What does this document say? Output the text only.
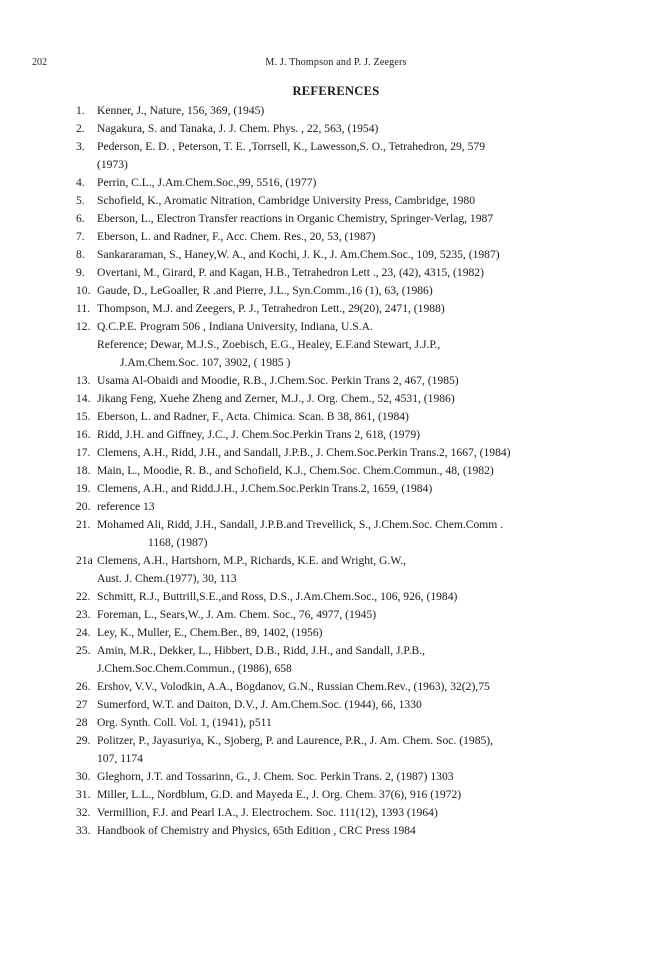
202	M. J. Thompson and P. J. Zeegers
REFERENCES
1. Kenner, J., Nature, 156, 369, (1945)
2. Nagakura, S. and Tanaka, J. J. Chem. Phys. , 22, 563, (1954)
3. Pederson, E. D. , Peterson, T. E. ,Torrsell, K., Lawesson,S. O., Tetrahedron, 29, 579
(1973)
4. Perrin, C.L., J.Am.Chem.Soc.,99, 5516, (1977)
5. Schofield, K., Aromatic Nitration, Cambridge University Press, Cambridge, 1980
6. Eberson, L., Electron Transfer reactions in Organic Chemistry, Springer-Verlag, 1987
7. Eberson, L. and Radner, F., Acc. Chem. Res., 20, 53, (1987)
8. Sankararaman, S., Haney,W. A., and Kochi, J. K., J. Am.Chem.Soc., 109, 5235, (1987)
9. Overtani, M., Girard, P. and Kagan, H.B., Tetrahedron Lett ., 23, (42), 4315, (1982)
10. Gaude, D., LeGoaller, R .and Pierre, J.L., Syn.Comm.,16 (1), 63, (1986)
11. Thompson, M.J. and Zeegers, P. J., Tetrahedron Lett., 29(20), 2471, (1988)
12. Q.C.P.E. Program 506 , Indiana University, Indiana, U.S.A.
Reference; Dewar, M.J.S., Zoebisch, E.G., Healey, E.F.and Stewart, J.J.P.,
J.Am.Chem.Soc. 107, 3902, ( 1985 )
13. Usama Al-Obaidi and Moodie, R.B., J.Chem.Soc. Perkin Trans 2, 467, (1985)
14. Jikang Feng, Xuehe Zheng and Zerner, M.J., J. Org. Chem., 52, 4531, (1986)
15. Eberson, L. and Radner, F., Acta. Chimica. Scan. B 38, 861, (1984)
16. Ridd, J.H. and Giffney, J.C., J. Chem.Soc.Perkin Trans 2, 618, (1979)
17. Clemens, A.H., Ridd, J.H., and Sandall, J.P.B., J. Chem.Soc.Perkin Trans.2, 1667, (1984)
18. Main, L., Moodie, R. B., and Schofield, K.J., Chem.Soc. Chem.Commun., 48, (1982)
19. Clemens, A.H., and Ridd.J.H., J.Chem.Soc.Perkin Trans.2, 1659, (1984)
20. reference 13
21. Mohamed Ali, Ridd, J.H., Sandall, J.P.B.and Trevellick, S., J.Chem.Soc. Chem.Comm .
1168, (1987)
21a Clemens, A.H., Hartshorn, M.P., Richards, K.E. and Wright, G.W.,
Aust. J. Chem.(1977), 30, 113
22. Schmitt, R.J., Buttrill,S.E.,and Ross, D.S., J.Am.Chem.Soc., 106, 926, (1984)
23. Foreman, L., Sears,W., J. Am. Chem. Soc., 76, 4977, (1945)
24. Ley, K., Muller, E., Chem.Ber., 89, 1402, (1956)
25. Amin, M.R., Dekker, L., Hibbert, D.B., Ridd, J.H., and Sandall, J.P.B.,
J.Chem.Soc.Chem.Commun., (1986), 658
26. Ershov, V.V., Volodkin, A.A., Bogdanov, G.N., Russian Chem.Rev., (1963), 32(2),75
27 Sumerford, W.T. and Daiton, D.V., J. Am.Chem.Soc. (1944), 66, 1330
28 Org. Synth. Coll. Vol. 1, (1941), p511
29. Politzer, P., Jayasuriya, K., Sjoberg, P. and Laurence, P.R., J. Am. Chem. Soc. (1985),
107, 1174
30. Gleghorn, J.T. and Tossarinn, G., J. Chem. Soc. Perkin Trans. 2, (1987) 1303
31. Miller, L.L., Nordblum, G.D. and Mayeda E., J. Org. Chem. 37(6), 916 (1972)
32. Vermillion, F.J. and Pearl I.A., J. Electrochem. Soc. 111(12), 1393 (1964)
33. Handbook of Chemistry and Physics, 65th Edition , CRC Press 1984
